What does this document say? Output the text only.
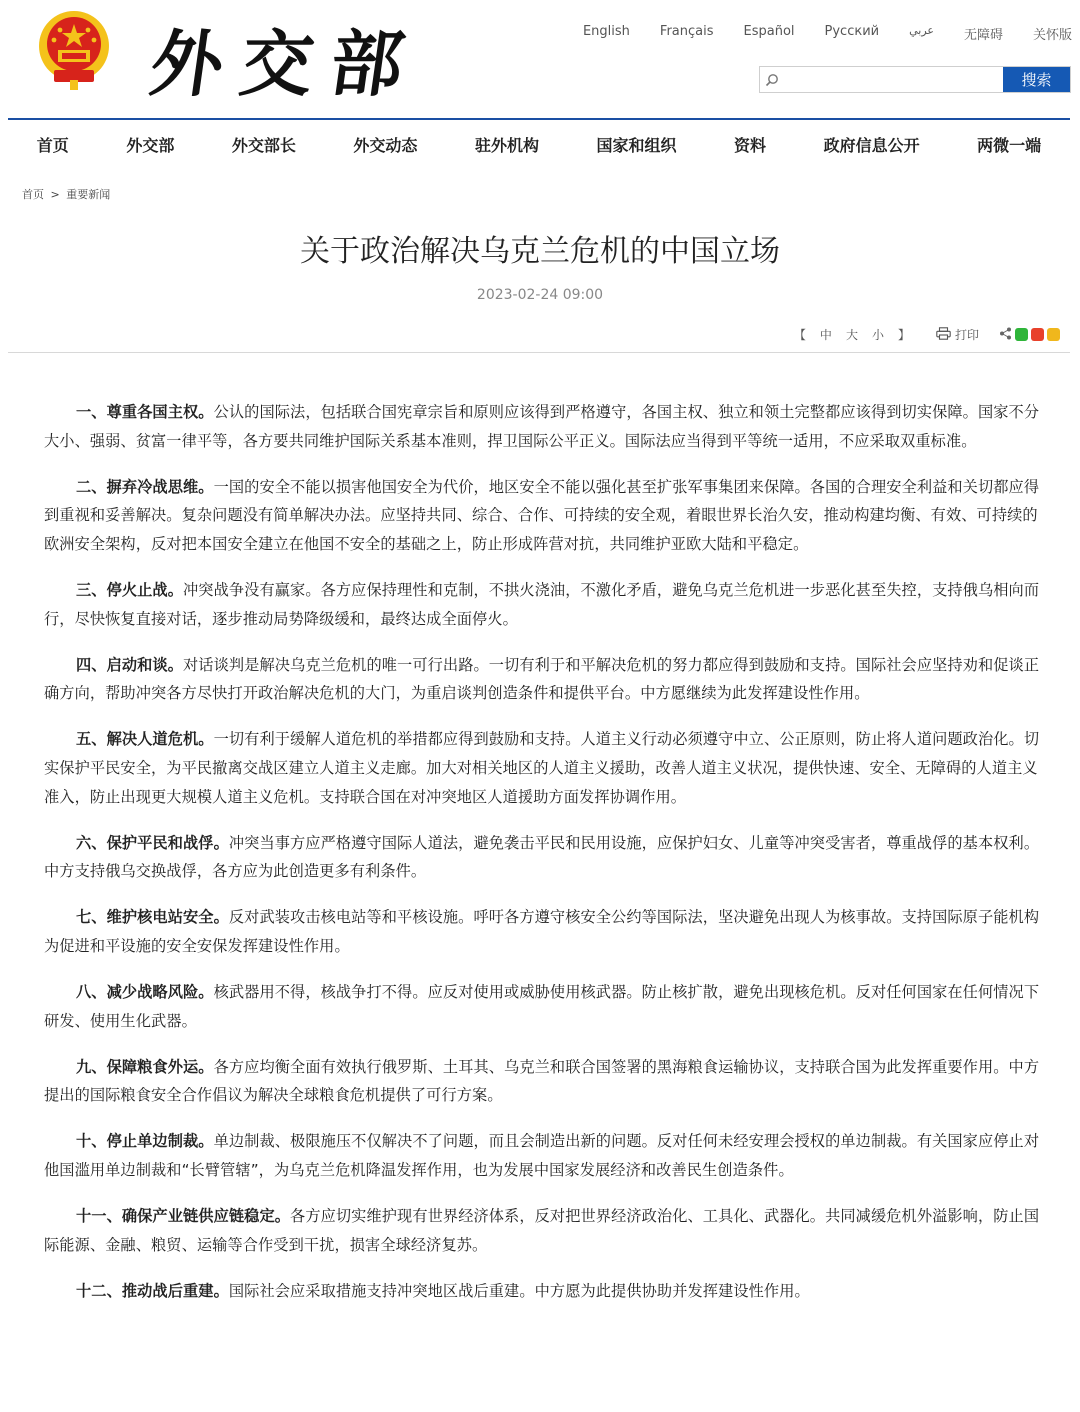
外交部	English Français Español Русский	عربي 无障碍 关怀版
搜索
首页	外交部	外交部长	外交动态	驻外机构	国家和组织	资料	政府信息公开	两微一端
首页 > 重要新闻
关于政治解决乌克兰危机的中国立场
2023-02-24 09:00
【 中 大 小 】	打印

一、尊重各国主权。公认的国际法，包括联合国宪章宗旨和原则应该得到严格遵守，各国主权、独立和领土完整都应该得到切实保障。国家不分大小、强弱、贫富一律平等，各方要共同维护国际关系基本准则，捍卫国际公平正义。国际法应当得到平等统一适用，不应采取双重标准。

二、摒弃冷战思维。一国的安全不能以损害他国安全为代价，地区安全不能以强化甚至扩张军事集团来保障。各国的合理安全利益和关切都应得到重视和妥善解决。复杂问题没有简单解决办法。应坚持共同、综合、合作、可持续的安全观，着眼世界长治久安，推动构建均衡、有效、可持续的欧洲安全架构，反对把本国安全建立在他国不安全的基础之上，防止形成阵营对抗，共同维护亚欧大陆和平稳定。

三、停火止战。冲突战争没有赢家。各方应保持理性和克制，不拱火浇油，不激化矛盾，避免乌克兰危机进一步恶化甚至失控，支持俄乌相向而行，尽快恢复直接对话，逐步推动局势降级缓和，最终达成全面停火。

四、启动和谈。对话谈判是解决乌克兰危机的唯一可行出路。一切有利于和平解决危机的努力都应得到鼓励和支持。国际社会应坚持劝和促谈正确方向，帮助冲突各方尽快打开政治解决危机的大门，为重启谈判创造条件和提供平台。中方愿继续为此发挥建设性作用。

五、解决人道危机。一切有利于缓解人道危机的举措都应得到鼓励和支持。人道主义行动必须遵守中立、公正原则，防止将人道问题政治化。切实保护平民安全，为平民撤离交战区建立人道主义走廊。加大对相关地区的人道主义援助，改善人道主义状况，提供快速、安全、无障碍的人道主义准入，防止出现更大规模人道主义危机。支持联合国在对冲突地区人道援助方面发挥协调作用。

六、保护平民和战俘。冲突当事方应严格遵守国际人道法，避免袭击平民和民用设施，应保护妇女、儿童等冲突受害者，尊重战俘的基本权利。中方支持俄乌交换战俘，各方应为此创造更多有利条件。

七、维护核电站安全。反对武装攻击核电站等和平核设施。呼吁各方遵守核安全公约等国际法，坚决避免出现人为核事故。支持国际原子能机构为促进和平设施的安全安保发挥建设性作用。

八、减少战略风险。核武器用不得，核战争打不得。应反对使用或威胁使用核武器。防止核扩散，避免出现核危机。反对任何国家在任何情况下研发、使用生化武器。

九、保障粮食外运。各方应均衡全面有效执行俄罗斯、土耳其、乌克兰和联合国签署的黑海粮食运输协议，支持联合国为此发挥重要作用。中方提出的国际粮食安全合作倡议为解决全球粮食危机提供了可行方案。

十、停止单边制裁。单边制裁、极限施压不仅解决不了问题，而且会制造出新的问题。反对任何未经安理会授权的单边制裁。有关国家应停止对他国滥用单边制裁和“长臂管辖”，为乌克兰危机降温发挥作用，也为发展中国家发展经济和改善民生创造条件。

十一、确保产业链供应链稳定。各方应切实维护现有世界经济体系，反对把世界经济政治化、工具化、武器化。共同减缓危机外溢影响，防止国际能源、金融、粮贸、运输等合作受到干扰，损害全球经济复苏。

十二、推动战后重建。国际社会应采取措施支持冲突地区战后重建。中方愿为此提供协助并发挥建设性作用。
